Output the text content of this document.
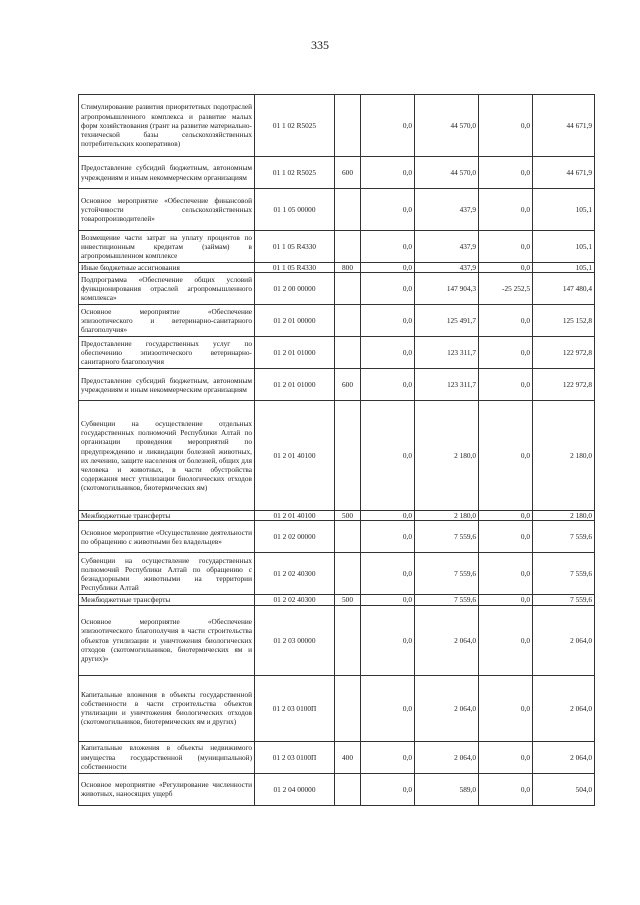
335
Стимулирование развития приоритетных подотраслей агропромышленного комплекса и развитие малых форм хозяйствования (грант на развитие материально-технической базы сельскохозяйственных потребительских кооперативов)	01 1 02 R5025		0,0	44 570,0	0,0	44 671,9
Предоставление субсидий бюджетным, автономным учреждениям и иным некоммерческим организациям	01 1 02 R5025	600	0,0	44 570,0	0,0	44 671,9
Основное мероприятие «Обеспечение финансовой устойчивости сельскохозяйственных товаропроизводителей»	01 1 05 00000		0,0	437,9	0,0	105,1
Возмещение части затрат на уплату процентов по инвестиционным кредитам (займам) в агропромышленном комплексе	01 1 05 R4330		0,0	437,9	0,0	105,1
Иные бюджетные ассигнования	01 1 05 R4330	800	0,0	437,9	0,0	105,1
Подпрограмма «Обеспечение общих условий функционирования отраслей агропромышленного комплекса»	01 2 00 00000		0,0	147 904,3	-25 252,5	147 480,4
Основное мероприятие «Обеспечение эпизоотического и ветеринарно-санитарного благополучия»	01 2 01 00000		0,0	125 491,7	0,0	125 152,8
Предоставление государственных услуг по обеспечению эпизоотического ветеринарно-санитарного благополучия	01 2 01 01000		0,0	123 311,7	0,0	122 972,8
Предоставление субсидий бюджетным, автономным учреждениям и иным некоммерческим организациям	01 2 01 01000	600	0,0	123 311,7	0,0	122 972,8
Субвенции на осуществление отдельных государственных полномочий Республики Алтай по организации проведения мероприятий по предупреждению и ликвидации болезней животных, их лечению, защите населения от болезней, общих для человека и животных, в части обустройства содержания мест утилизации биологических отходов (скотомогильников, биотермических ям)	01 2 01 40100		0,0	2 180,0	0,0	2 180,0
Межбюджетные трансферты	01 2 01 40100	500	0,0	2 180,0	0,0	2 180,0
Основное мероприятие «Осуществление деятельности по обращению с животными без владельцев»	01 2 02 00000		0,0	7 559,6	0,0	7 559,6
Субвенции на осуществление государственных полномочий Республики Алтай по обращению с безнадзорными животными на территории Республики Алтай	01 2 02 40300		0,0	7 559,6	0,0	7 559,6
Межбюджетные трансферты	01 2 02 40300	500	0,0	7 559,6	0,0	7 559,6
Основное мероприятие «Обеспечение эпизоотического благополучия в части строительства объектов утилизации и уничтожения биологических отходов (скотомогильников, биотермических ям и других)»	01 2 03 00000		0,0	2 064,0	0,0	2 064,0
Капитальные вложения в объекты государственной собственности в части строительства объектов утилизации и уничтожения биологических отходов (скотомогильников, биотермических ям и других)	01 2 03 0100П		0,0	2 064,0	0,0	2 064,0
Капитальные вложения в объекты недвижимого имущества государственной (муниципальной) собственности	01 2 03 0100П	400	0,0	2 064,0	0,0	2 064,0
Основное мероприятие «Регулирование численности животных, наносящих ущерб	01 2 04 00000		0,0	589,0	0,0	504,0
